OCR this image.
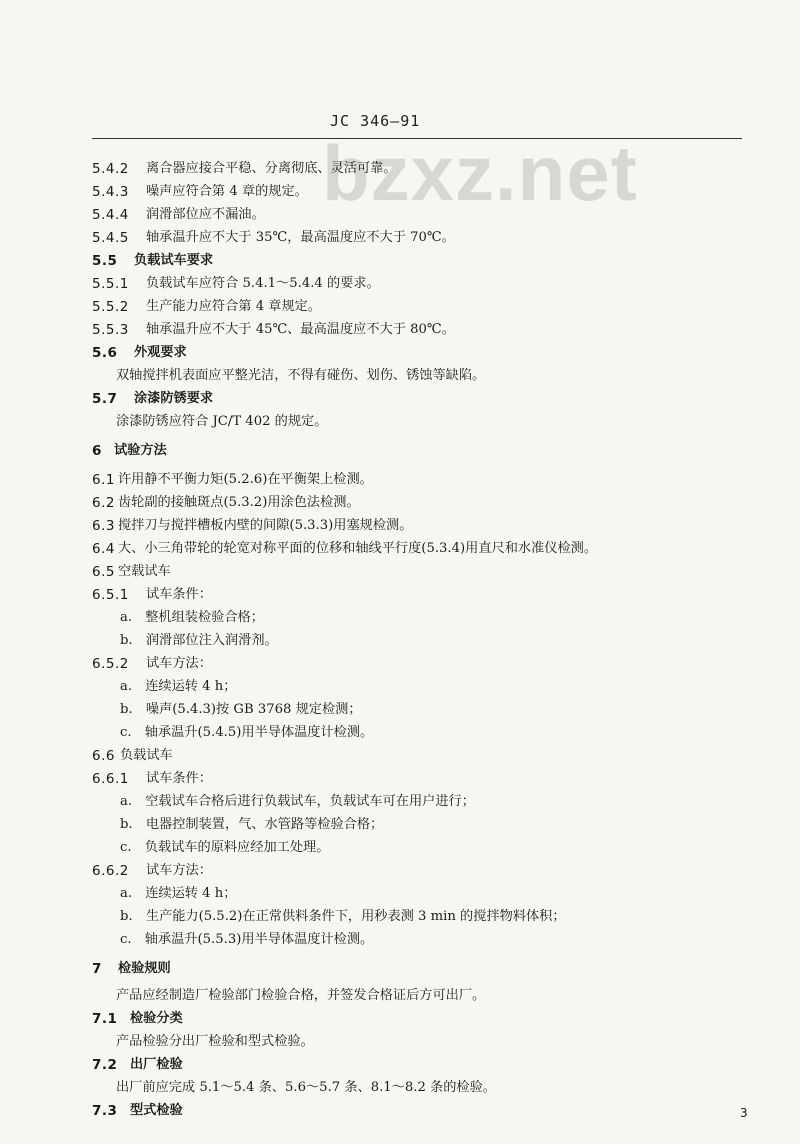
JC 346—91
bzxz.net
5.4.2 离合器应接合平稳、分离彻底、灵活可靠。
5.4.3 噪声应符合第 4 章的规定。
5.4.4 润滑部位应不漏油。
5.4.5 轴承温升应不大于 35℃，最高温度应不大于 70℃。
5.5 负载试车要求
5.5.1 负载试车应符合 5.4.1～5.4.4 的要求。
5.5.2 生产能力应符合第 4 章规定。
5.5.3 轴承温升应不大于 45℃、最高温度应不大于 80℃。
5.6 外观要求
双轴搅拌机表面应平整光洁，不得有碰伤、划伤、锈蚀等缺陷。
5.7 涂漆防锈要求
涂漆防锈应符合 JC/T 402 的规定。
6 试验方法
6.1 许用静不平衡力矩(5.2.6)在平衡架上检测。
6.2 齿轮副的接触斑点(5.3.2)用涂色法检测。
6.3 搅拌刀与搅拌槽板内壁的间隙(5.3.3)用塞规检测。
6.4 大、小三角带轮的轮宽对称平面的位移和轴线平行度(5.3.4)用直尺和水准仪检测。
6.5 空载试车
6.5.1 试车条件：
a.　整机组装检验合格；
b.　润滑部位注入润滑剂。
6.5.2 试车方法：
a.　连续运转 4 h；
b.　噪声(5.4.3)按 GB 3768 规定检测；
c.　轴承温升(5.4.5)用半导体温度计检测。
6.6 负载试车
6.6.1 试车条件：
a.　空载试车合格后进行负载试车，负载试车可在用户进行；
b.　电器控制装置，气、水管路等检验合格；
c.　负载试车的原料应经加工处理。
6.6.2 试车方法：
a.　连续运转 4 h；
b.　生产能力(5.5.2)在正常供料条件下，用秒表测 3 min 的搅拌物料体积；
c.　轴承温升(5.5.3)用半导体温度计检测。
7 检验规则
产品应经制造厂检验部门检验合格，并签发合格证后方可出厂。
7.1 检验分类
产品检验分出厂检验和型式检验。
7.2 出厂检验
出厂前应完成 5.1～5.4 条、5.6～5.7 条、8.1～8.2 条的检验。
7.3 型式检验	3
